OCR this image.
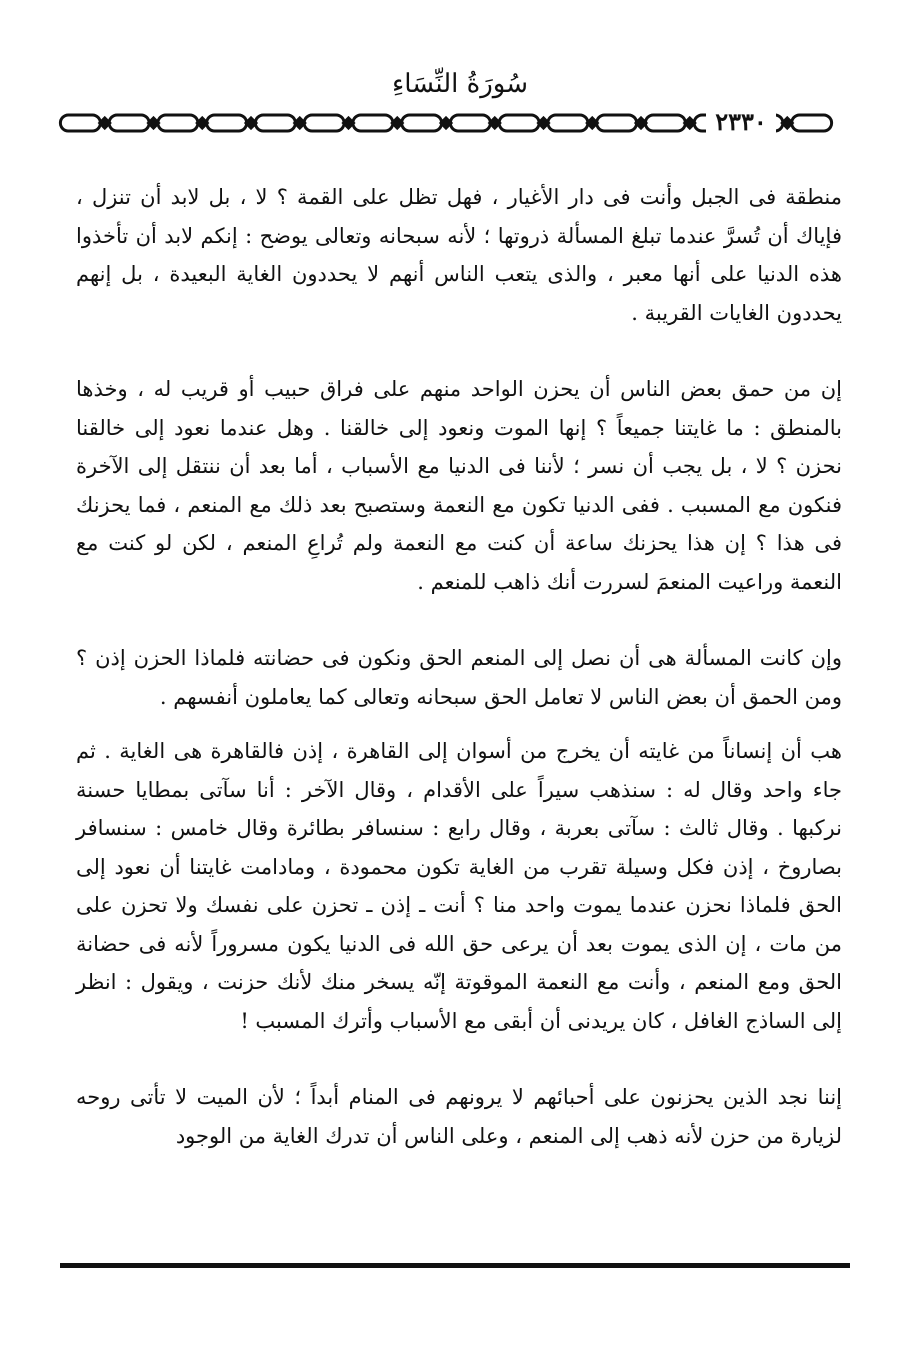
سُورَةُ النِّسَاءِ
٢٣٣٠

منطقة فى الجبل وأنت فى دار الأغيار ، فهل تظل على القمة ؟ لا ، بل لابد أن تنزل ، فإياك أن تُسرَّ عندما تبلغ المسألة ذروتها ؛ لأنه سبحانه وتعالى يوضح : إنكم لابد أن تأخذوا هذه الدنيا على أنها معبر ، والذى يتعب الناس أنهم لا يحددون الغاية البعيدة ، بل إنهم يحددون الغايات القريبة .

إن من حمق بعض الناس أن يحزن الواحد منهم على فراق حبيب أو قريب له ، وخذها بالمنطق : ما غايتنا جميعاً ؟ إنها الموت ونعود إلى خالقنا . وهل عندما نعود إلى خالقنا نحزن ؟ لا ، بل يجب أن نسر ؛ لأننا فى الدنيا مع الأسباب ، أما بعد أن ننتقل إلى الآخرة فنكون مع المسبب . ففى الدنيا تكون مع النعمة وستصبح بعد ذلك مع المنعم ، فما يحزنك فى هذا ؟ إن هذا يحزنك ساعة أن كنت مع النعمة ولم تُراعِ المنعم ، لكن لو كنت مع النعمة وراعيت المنعمَ لسررت أنك ذاهب للمنعم .

وإن كانت المسألة هى أن نصل إلى المنعم الحق ونكون فى حضانته فلماذا الحزن إذن ؟ ومن الحمق أن بعض الناس لا تعامل الحق سبحانه وتعالى كما يعاملون أنفسهم .

هب أن إنساناً من غايته أن يخرج من أسوان إلى القاهرة ، إذن فالقاهرة هى الغاية . ثم جاء واحد وقال له : سنذهب سيراً على الأقدام ، وقال الآخر : أنا سآتى بمطايا حسنة نركبها . وقال ثالث : سآتى بعربة ، وقال رابع : سنسافر بطائرة وقال خامس : سنسافر بصاروخ ، إذن فكل وسيلة تقرب من الغاية تكون محمودة ، ومادامت غايتنا أن نعود إلى الحق فلماذا نحزن عندما يموت واحد منا ؟ أنت ـ إذن ـ تحزن على نفسك ولا تحزن على من مات ، إن الذى يموت بعد أن يرعى حق الله فى الدنيا يكون مسروراً لأنه فى حضانة الحق ومع المنعم ، وأنت مع النعمة الموقوتة إنّه يسخر منك لأنك حزنت ، ويقول : انظر إلى الساذج الغافل ، كان يريدنى أن أبقى مع الأسباب وأترك المسبب !

إننا نجد الذين يحزنون على أحبائهم لا يرونهم فى المنام أبداً ؛ لأن الميت لا تأتى روحه لزيارة من حزن لأنه ذهب إلى المنعم ، وعلى الناس أن تدرك الغاية من الوجود
